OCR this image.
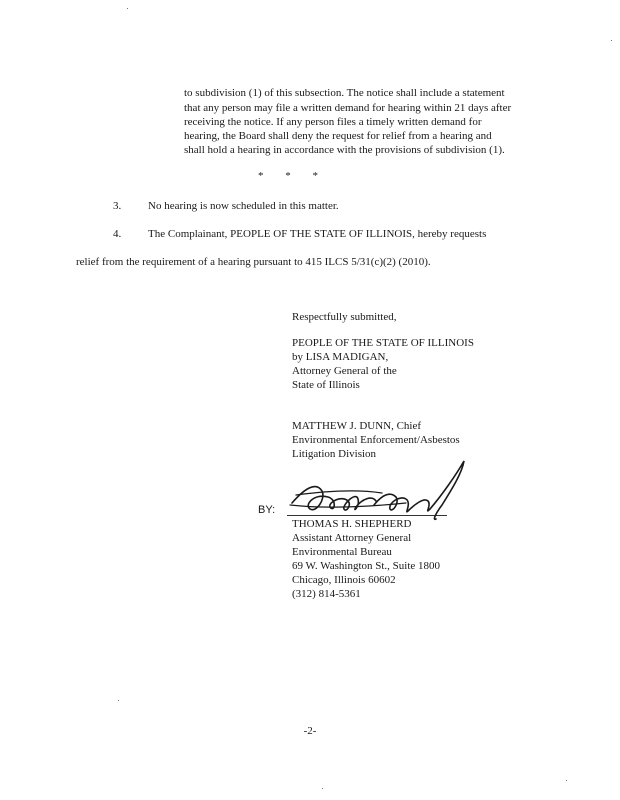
to subdivision (1) of this subsection. The notice shall include a statement
that any person may file a written demand for hearing within 21 days after
receiving the notice. If any person files a timely written demand for
hearing, the Board shall deny the request for relief from a hearing and
shall hold a hearing in accordance with the provisions of subdivision (1).
* * *
3. No hearing is now scheduled in this matter.
4. The Complainant, PEOPLE OF THE STATE OF ILLINOIS, hereby requests
relief from the requirement of a hearing pursuant to 415 ILCS 5/31(c)(2) (2010).
Respectfully submitted,
PEOPLE OF THE STATE OF ILLINOIS
by LISA MADIGAN,
Attorney General of the
State of Illinois
MATTHEW J. DUNN, Chief
Environmental Enforcement/Asbestos
Litigation Division
THOMAS H. SHEPHERD
Assistant Attorney General
Environmental Bureau
69 W. Washington St., Suite 1800
Chicago, Illinois 60602
(312) 814-5361
BY:
-2-
